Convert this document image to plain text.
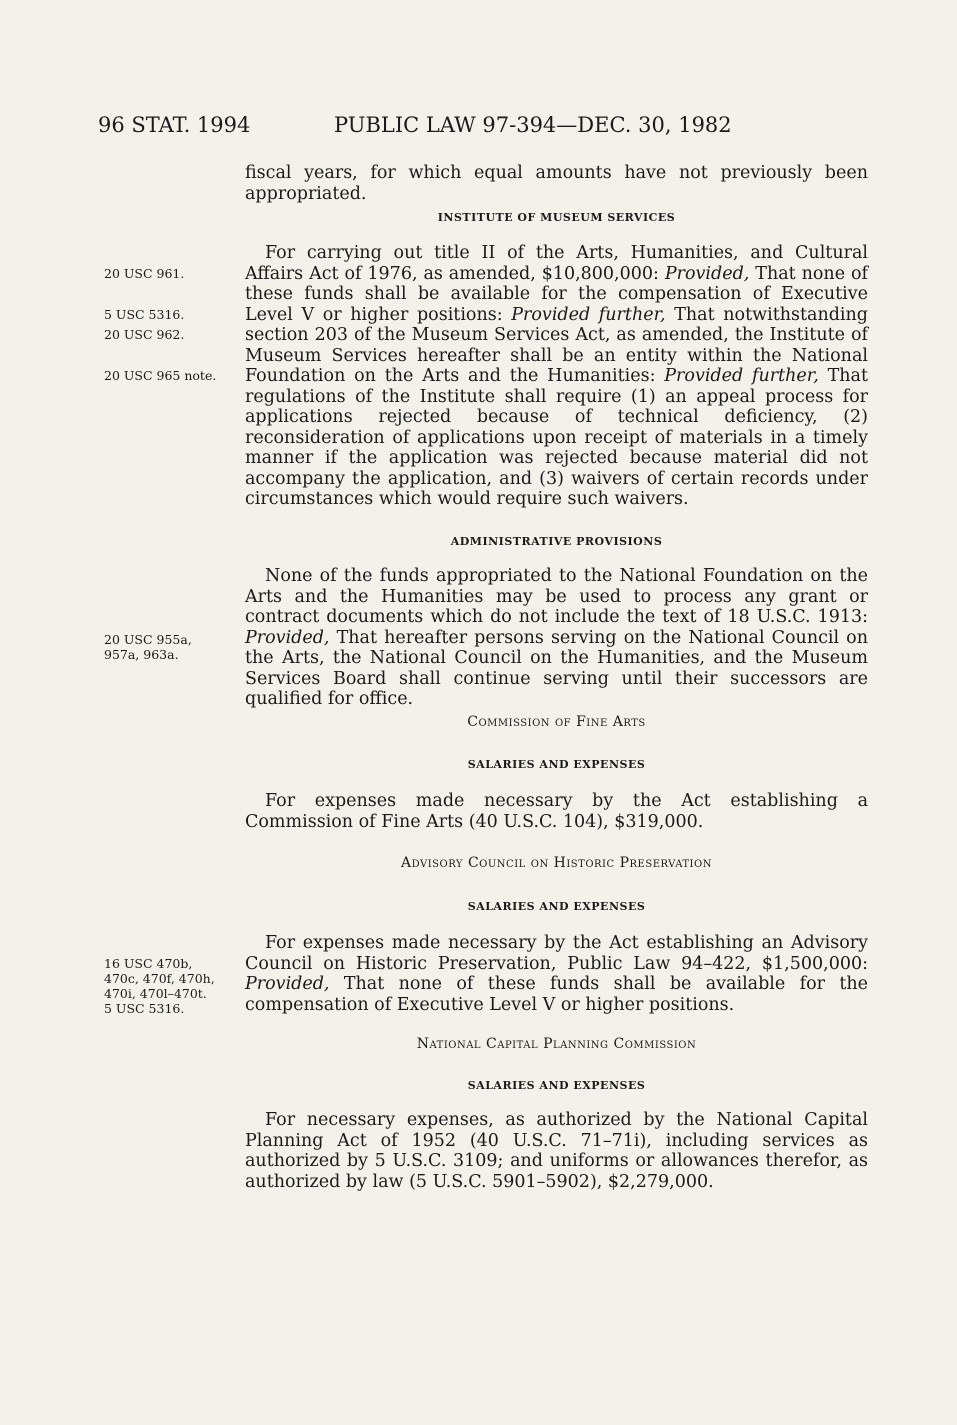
96 STAT. 1994	PUBLIC LAW 97-394—DEC. 30, 1982
20 USC 961.
5 USC 5316.
20 USC 962.
20 USC 965 note.
20 USC 955a,
957a, 963a.
16 USC 470b,
470c, 470f, 470h,
470i, 470l–470t.
5 USC 5316.

fiscal years, for which equal amounts have not previously been appropriated.

INSTITUTE OF MUSEUM SERVICES

For carrying out title II of the Arts, Humanities, and Cultural Affairs Act of 1976, as amended, $10,800,000: Provided, That none of these funds shall be available for the compensation of Executive Level V or higher positions: Provided further, That notwithstanding section 203 of the Museum Services Act, as amended, the Institute of Museum Services hereafter shall be an entity within the National Foundation on the Arts and the Humanities: Provided further, That regulations of the Institute shall require (1) an appeal process for applications rejected because of technical deficiency, (2) reconsideration of applications upon receipt of materials in a timely manner if the application was rejected because material did not accompany the application, and (3) waivers of certain records under circumstances which would require such waivers.

ADMINISTRATIVE PROVISIONS

None of the funds appropriated to the National Foundation on the Arts and the Humanities may be used to process any grant or contract documents which do not include the text of 18 U.S.C. 1913: Provided, That hereafter persons serving on the National Council on the Arts, the National Council on the Humanities, and the Museum Services Board shall continue serving until their successors are qualified for office.

Commission of Fine Arts
SALARIES AND EXPENSES

For expenses made necessary by the Act establishing a Commission of Fine Arts (40 U.S.C. 104), $319,000.

Advisory Council on Historic Preservation
SALARIES AND EXPENSES

For expenses made necessary by the Act establishing an Advisory Council on Historic Preservation, Public Law 94–422, $1,500,000: Provided, That none of these funds shall be available for the compensation of Executive Level V or higher positions.

National Capital Planning Commission
SALARIES AND EXPENSES

For necessary expenses, as authorized by the National Capital Planning Act of 1952 (40 U.S.C. 71–71i), including services as authorized by 5 U.S.C. 3109; and uniforms or allowances therefor, as authorized by law (5 U.S.C. 5901–5902), $2,279,000.
